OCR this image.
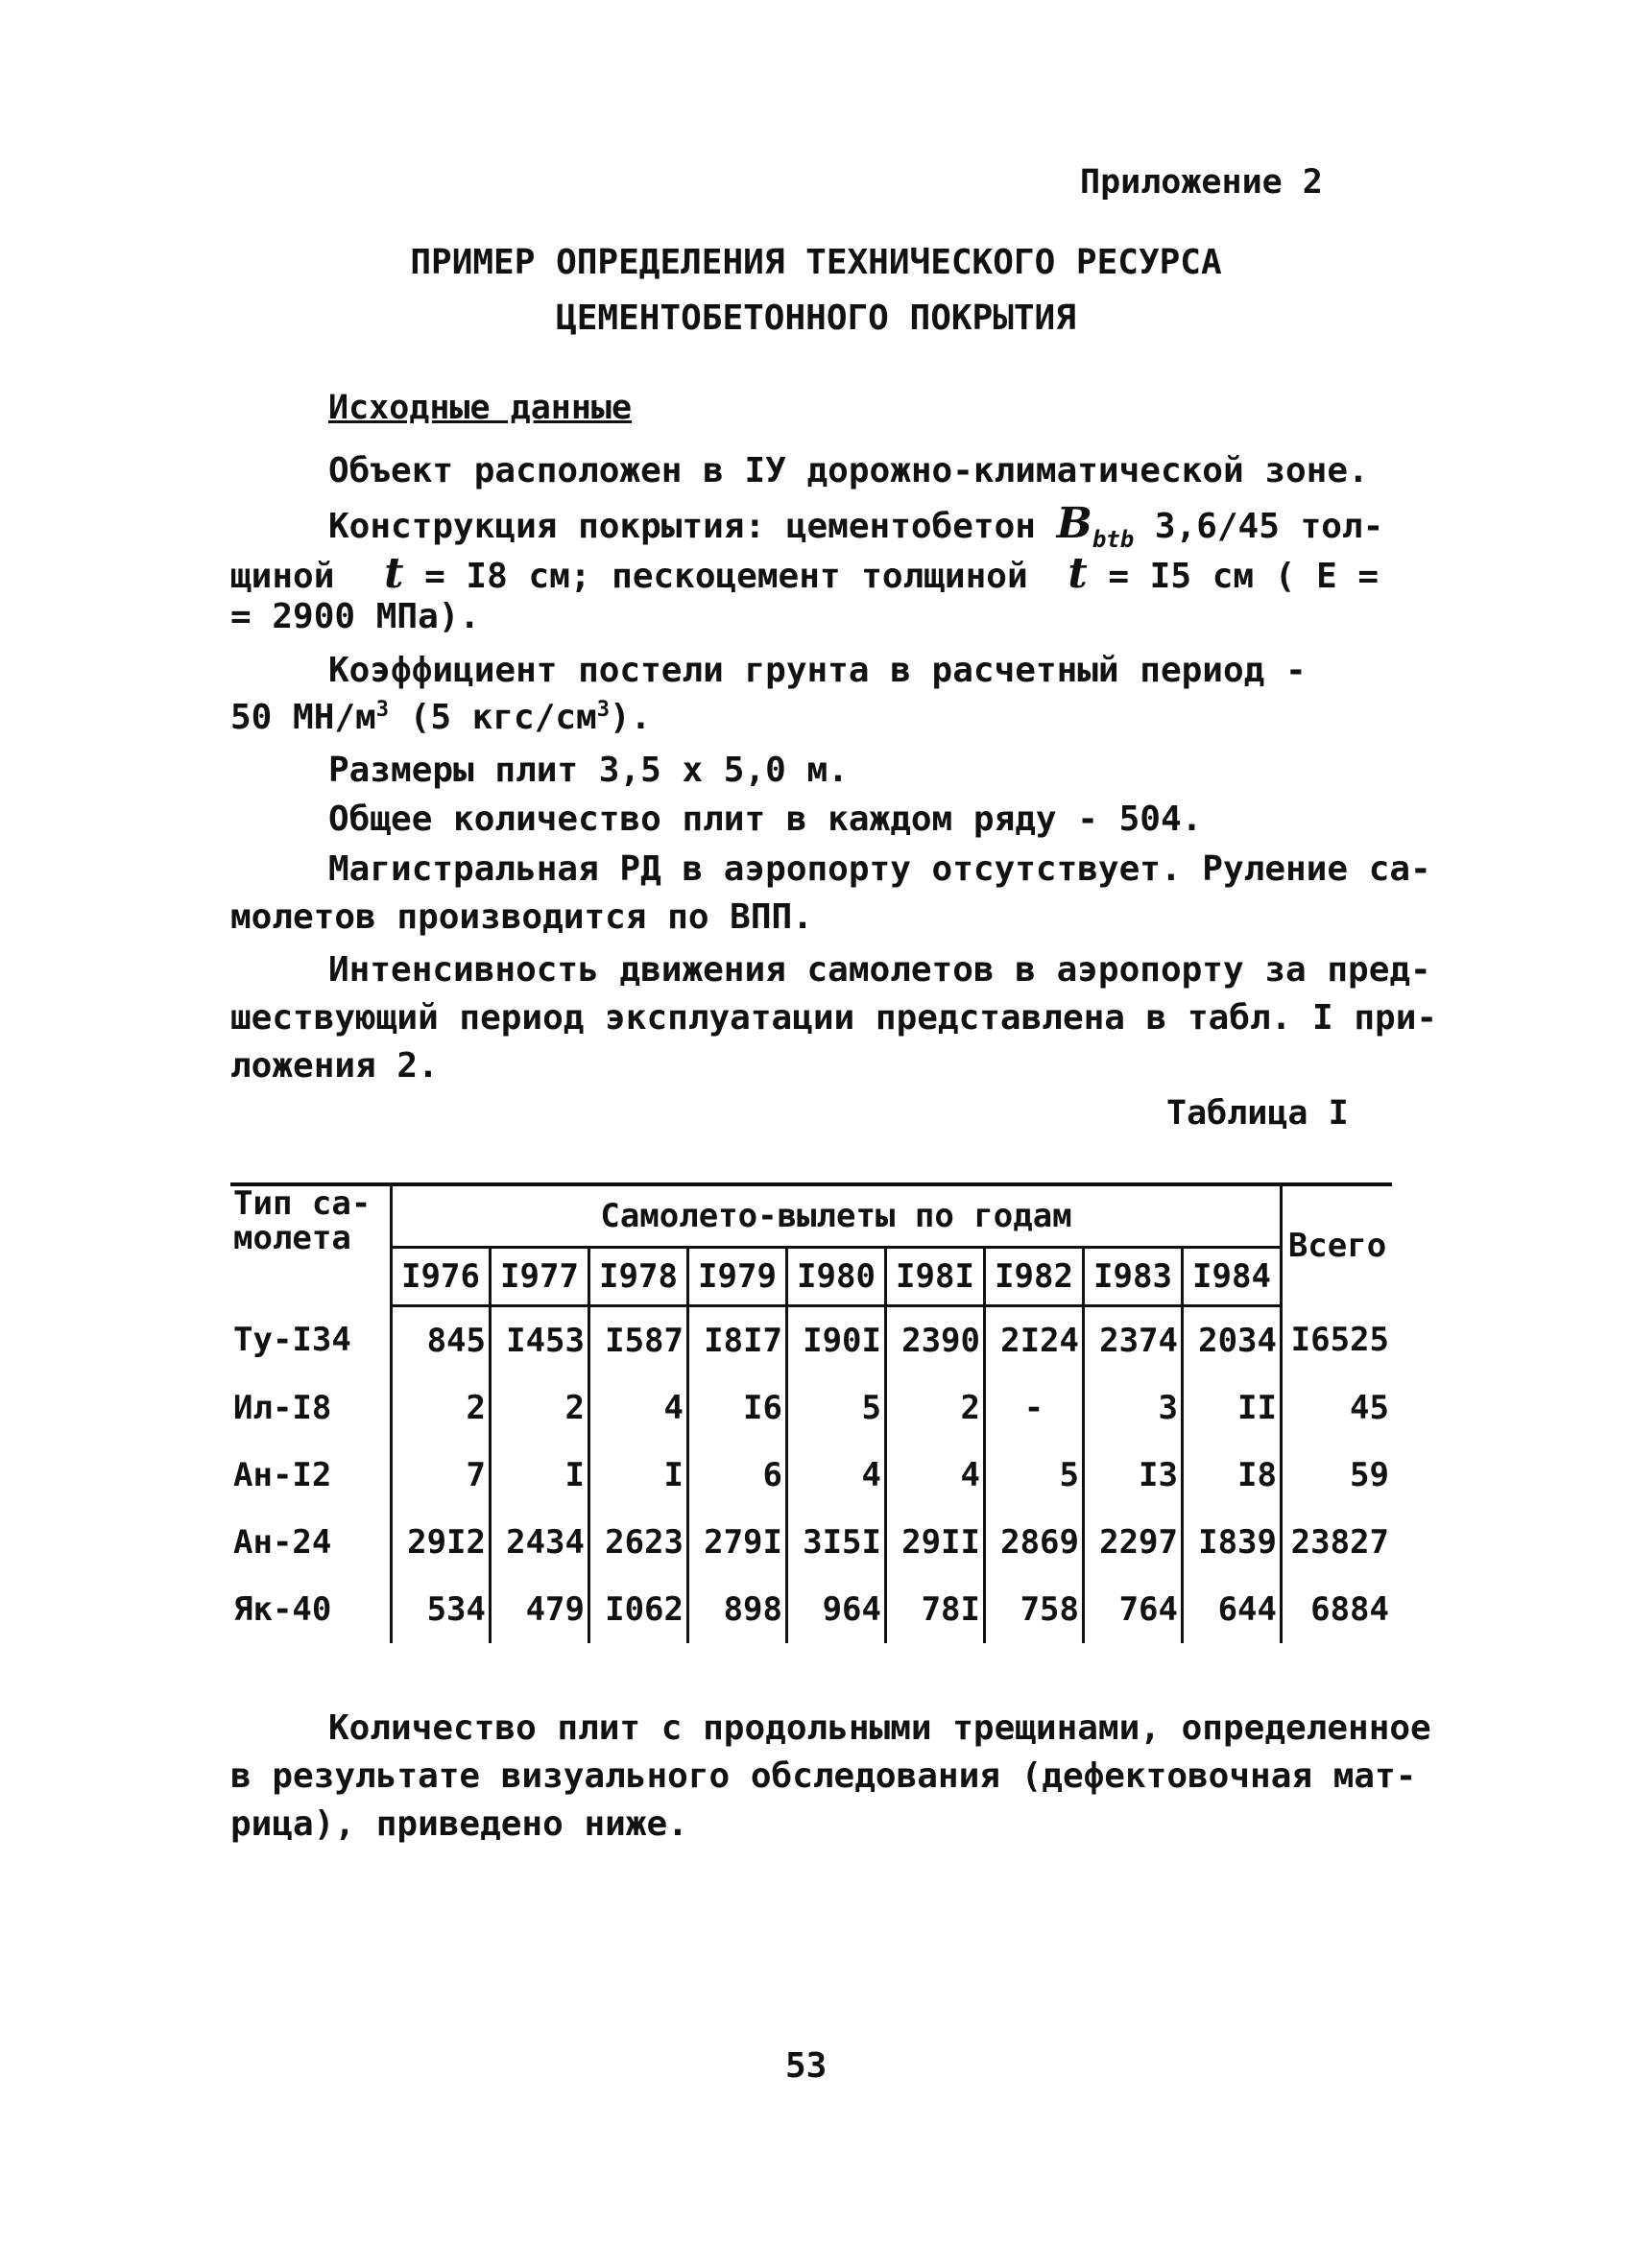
Приложение 2
ПРИМЕР ОПРЕДЕЛЕНИЯ ТЕХНИЧЕСКОГО РЕСУРСА
ЦЕМЕНТОБЕТОННОГО ПОКРЫТИЯ
Исходные данные
Объект расположен в IУ дорожно-климатической зоне.
Конструкция покрытия: цементобетон $B_{btb}$ 3,6/45 тол-
щиной t = I8 см; пескоцемент толщиной t = I5 см ( Е =
= 2900 МПа).
Коэффициент постели грунта в расчетный период -
50 $МН/м^3$ (5 кгс/$см^3$).
Размеры плит 3,5 х 5,0 м.
Общее количество плит в каждом ряду - 504.
Магистральная РД в аэропорту отсутствует. Руление са-
молетов производится по ВПП.
Интенсивность движения самолетов в аэропорту за пред-
шествующий период эксплуатации представлена в табл. I при-
ложения 2.
Таблица I
Тип са- молета	Самолето-вылеты по годам									Всего
	I976	I977	I978	I979	I980	I98I	I982	I983	I984	
Ту-I34	845	I453	I587	I8I7	I90I	2390	2I24	2374	2034	I6525
Ил-I8	2	2	4	I6	5	2	-	3	II	45
Ан-I2	7	I	I	6	4	4	5	I3	I8	59
Ан-24	29I2	2434	2623	279I	3I5I	29II	2869	2297	I839	23827
Як-40	534	479	I062	898	964	78I	758	764	644	6884
Количество плит с продольными трещинами, определенное
в результате визуального обследования (дефектовочная мат-
рица), приведено ниже.
53
